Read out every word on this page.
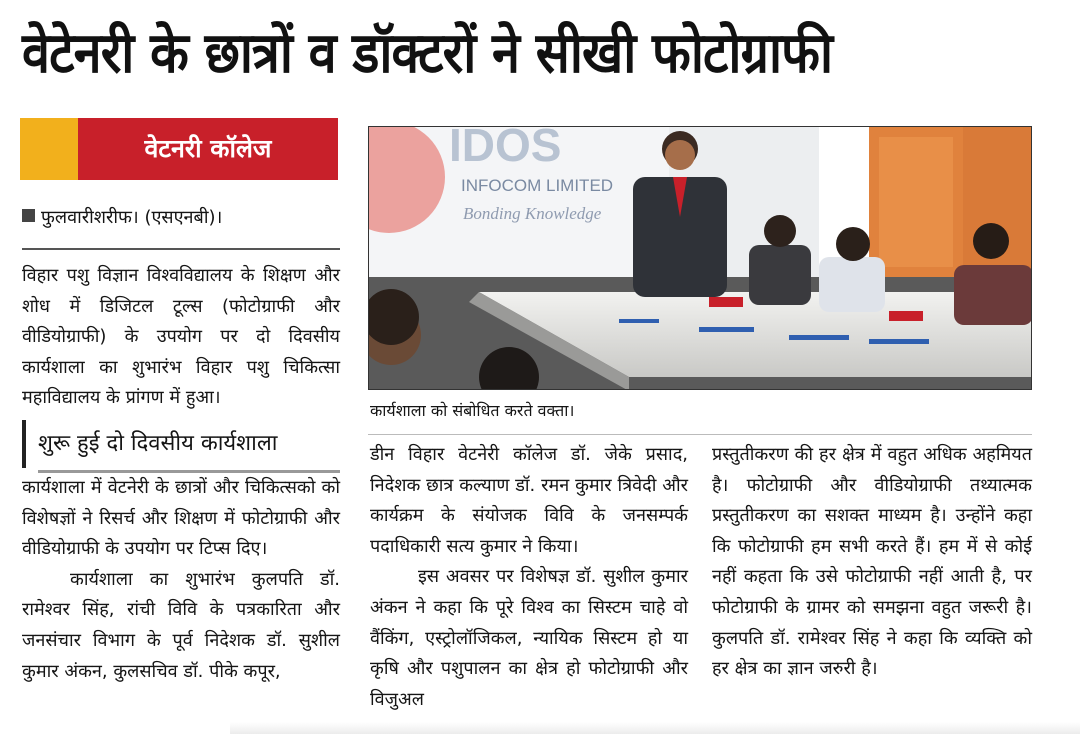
वेटेनरी के छात्रों व डॉक्टरों ने सीखी फोटोग्राफी
वेटनरी कॉलेज
फुलवारीशरीफ। (एसएनबी)।

विहार पशु विज्ञान विश्वविद्यालय के शिक्षण और शोध में डिजिटल टूल्स (फोटोग्राफी और वीडियोग्राफी) के उपयोग पर दो दिवसीय कार्यशाला का शुभारंभ विहार पशु चिकित्सा महाविद्यालय के प्रांगण में हुआ।

शुरू हुई दो दिवसीय कार्यशाला

कार्यशाला में वेटनेरी के छात्रों और चिकित्सको को विशेषज्ञों ने रिसर्च और शिक्षण में फोटोग्राफी और वीडियोग्राफी के उपयोग पर टिप्स दिए।

कार्यशाला का शुभारंभ कुलपति डॉ. रामेश्वर सिंह, रांची विवि के पत्रकारिता और जनसंचार विभाग के पूर्व निदेशक डॉ. सुशील कुमार अंकन, कुलसचिव डॉ. पीके कपूर,

IDOS
INFOCOM LIMITED
Bonding Knowledge
कार्यशाला को संबोधित करते वक्ता।

डीन विहार वेटनेरी कॉलेज डॉ. जेके प्रसाद, निदेशक छात्र कल्याण डॉ. रमन कुमार त्रिवेदी और कार्यक्रम के संयोजक विवि के जनसम्पर्क पदाधिकारी सत्य कुमार ने किया।

इस अवसर पर विशेषज्ञ डॉ. सुशील कुमार अंकन ने कहा कि पूरे विश्व का सिस्टम चाहे वो वैंकिंग, एस्ट्रोलॉजिकल, न्यायिक सिस्टम हो या कृषि और पशुपालन का क्षेत्र हो फोटोग्राफी और विजुअल

प्रस्तुतीकरण की हर क्षेत्र में वहुत अधिक अहमियत है। फोटोग्राफी और वीडियोग्राफी तथ्यात्मक प्रस्तुतीकरण का सशक्त माध्यम है। उन्होंने कहा कि फोटोग्राफी हम सभी करते हैं। हम में से कोई नहीं कहता कि उसे फोटोग्राफी नहीं आती है, पर फोटोग्राफी के ग्रामर को समझना वहुत जरूरी है। कुलपति डॉ. रामेश्वर सिंह ने कहा कि व्यक्ति को हर क्षेत्र का ज्ञान जरुरी है।
